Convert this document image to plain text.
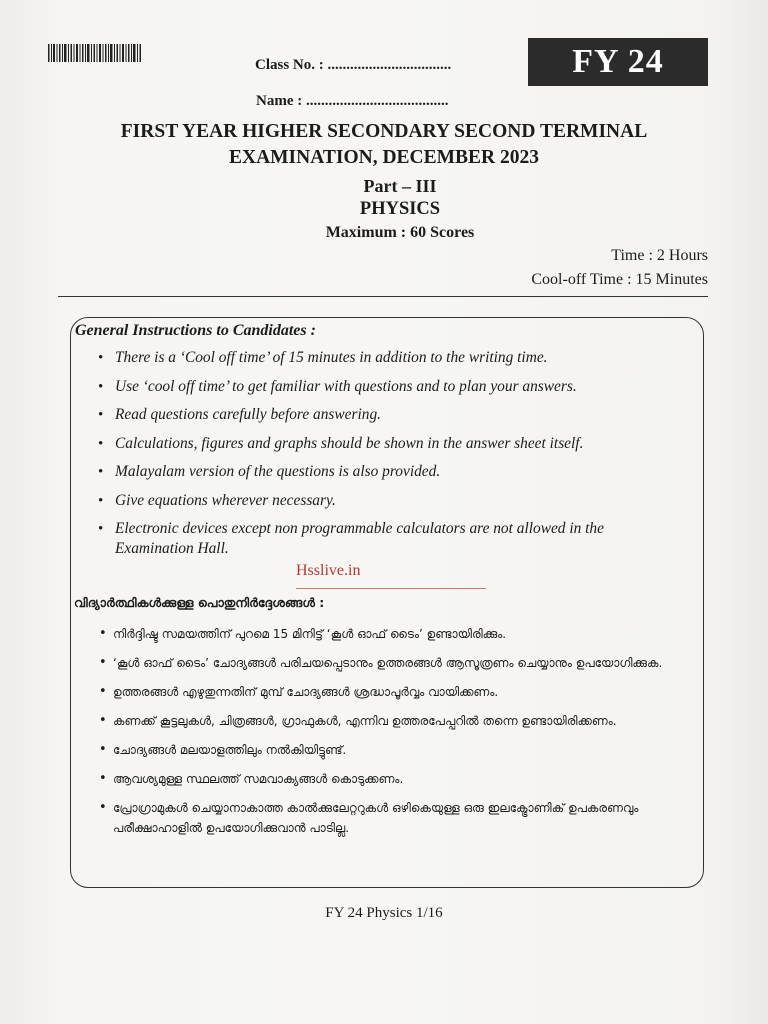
Class No. : .................................
Name : ......................................
FY 24
FIRST YEAR HIGHER SECONDARY SECOND TERMINAL
EXAMINATION, DECEMBER 2023
Part – III
PHYSICS
Maximum : 60 Scores
Time : 2 Hours
Cool-off Time : 15 Minutes
General Instructions to Candidates :
• There is a ‘Cool off time’ of 15 minutes in addition to the writing time.
• Use ‘cool off time’ to get familiar with questions and to plan your answers.
• Read questions carefully before answering.
• Calculations, figures and graphs should be shown in the answer sheet itself.
• Malayalam version of the questions is also provided.
• Give equations wherever necessary.
• Electronic devices except non programmable calculators are not allowed in the Examination Hall.
Hsslive.in
വിദ്യാർത്ഥികൾക്കുള്ള പൊതുനിർദ്ദേശങ്ങൾ :
• നിർദ്ദിഷ്ട സമയത്തിന് പുറമെ 15 മിനിട്ട് ‘കൂൾ ഓഫ് ടൈം’ ഉണ്ടായിരിക്കും.
• ‘കൂൾ ഓഫ് ടൈം’ ചോദ്യങ്ങൾ പരിചയപ്പെടാനും ഉത്തരങ്ങൾ ആസൂത്രണം ചെയ്യാനും ഉപയോഗിക്കുക.
• ഉത്തരങ്ങൾ എഴുതുന്നതിന് മുമ്പ് ചോദ്യങ്ങൾ ശ്രദ്ധാപൂർവ്വം വായിക്കണം.
• കണക്ക് കൂട്ടലുകൾ, ചിത്രങ്ങൾ, ഗ്രാഫുകൾ, എന്നിവ ഉത്തരപേപ്പറിൽ തന്നെ ഉണ്ടായിരിക്കണം.
• ചോദ്യങ്ങൾ മലയാളത്തിലും നൽകിയിട്ടുണ്ട്.
• ആവശ്യമുള്ള സ്ഥലത്ത് സമവാക്യങ്ങൾ കൊടുക്കണം.
• പ്രോഗ്രാമുകൾ ചെയ്യാനാകാത്ത കാൽക്കുലേറ്ററുകൾ ഒഴികെയുള്ള ഒരു ഇലക്ട്രോണിക് ഉപകരണവും പരീക്ഷാഹാളിൽ ഉപയോഗിക്കുവാൻ പാടില്ല.
FY 24 Physics 1/16
